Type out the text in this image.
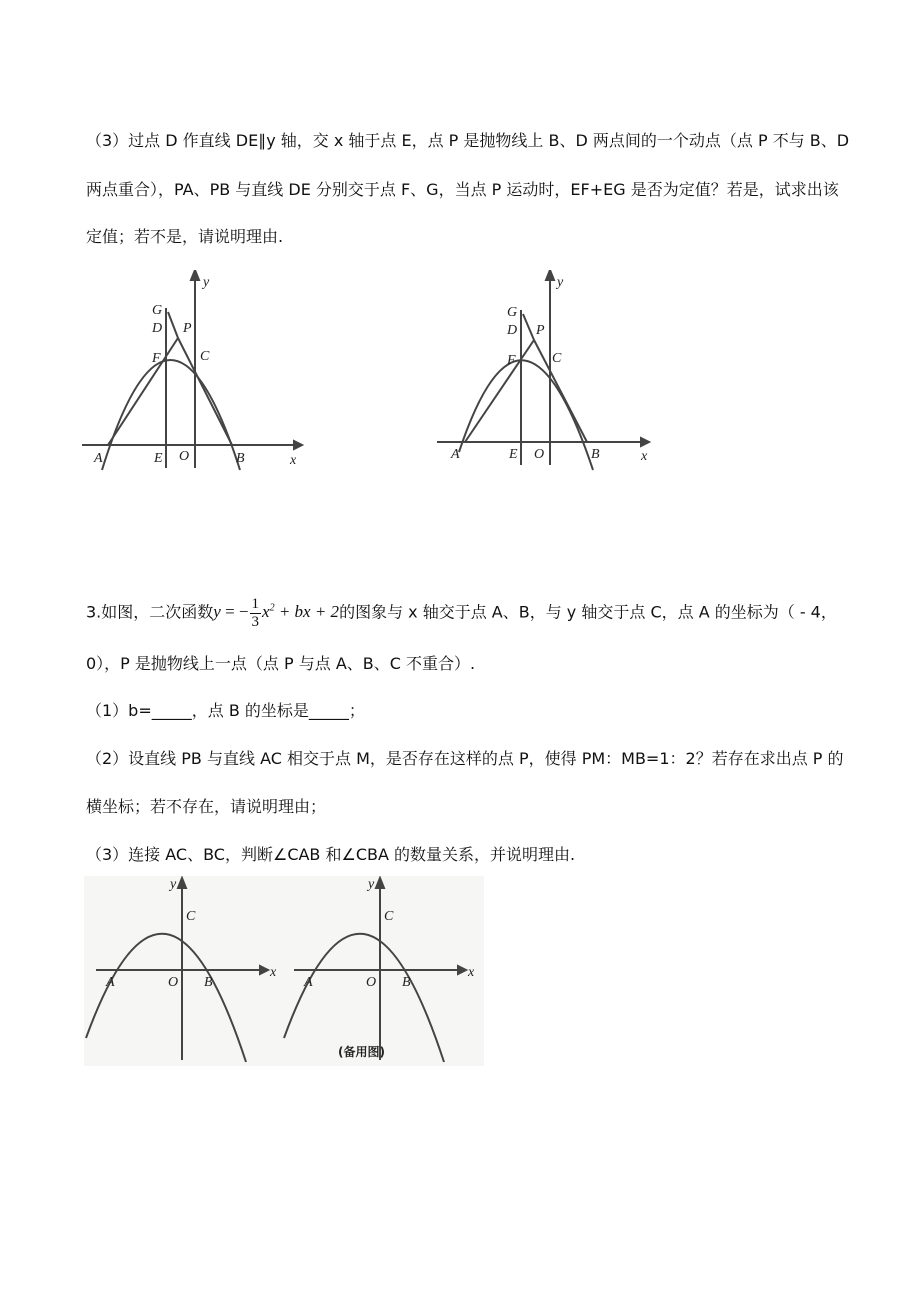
（3）过点 D 作直线 DE∥y 轴，交 x 轴于点 E，点 P 是抛物线上 B、D 两点间的一个动点（点 P 不与 B、D
两点重合），PA、PB 与直线 DE 分别交于点 F、G，当点 P 运动时，EF+EG 是否为定值？若是，试求出该
定值；若不是，请说明理由.
G
D
F
P
C
y
A	E O	B	x
G
D
F
P
C
y
A	E O	B	x
3.如图，二次函数y = − $\frac{1}{3} x^2$ + bx + 2的图象与 x 轴交于点 A、B，与 y 轴交于点 C，点 A 的坐标为（ - 4，
0），P 是抛物线上一点（点 P 与点 A、B、C 不重合）.
（1）b=_____，点 B 的坐标是_____；
（2）设直线 PB 与直线 AC 相交于点 M，是否存在这样的点 P，使得 PM：MB=1：2？若存在求出点 P 的
横坐标；若不存在，请说明理由；
（3）连接 AC、BC，判断∠CAB 和∠CBA 的数量关系，并说明理由.
y
x
C
A	O B
y
x
C
A	O B
(备用图)
